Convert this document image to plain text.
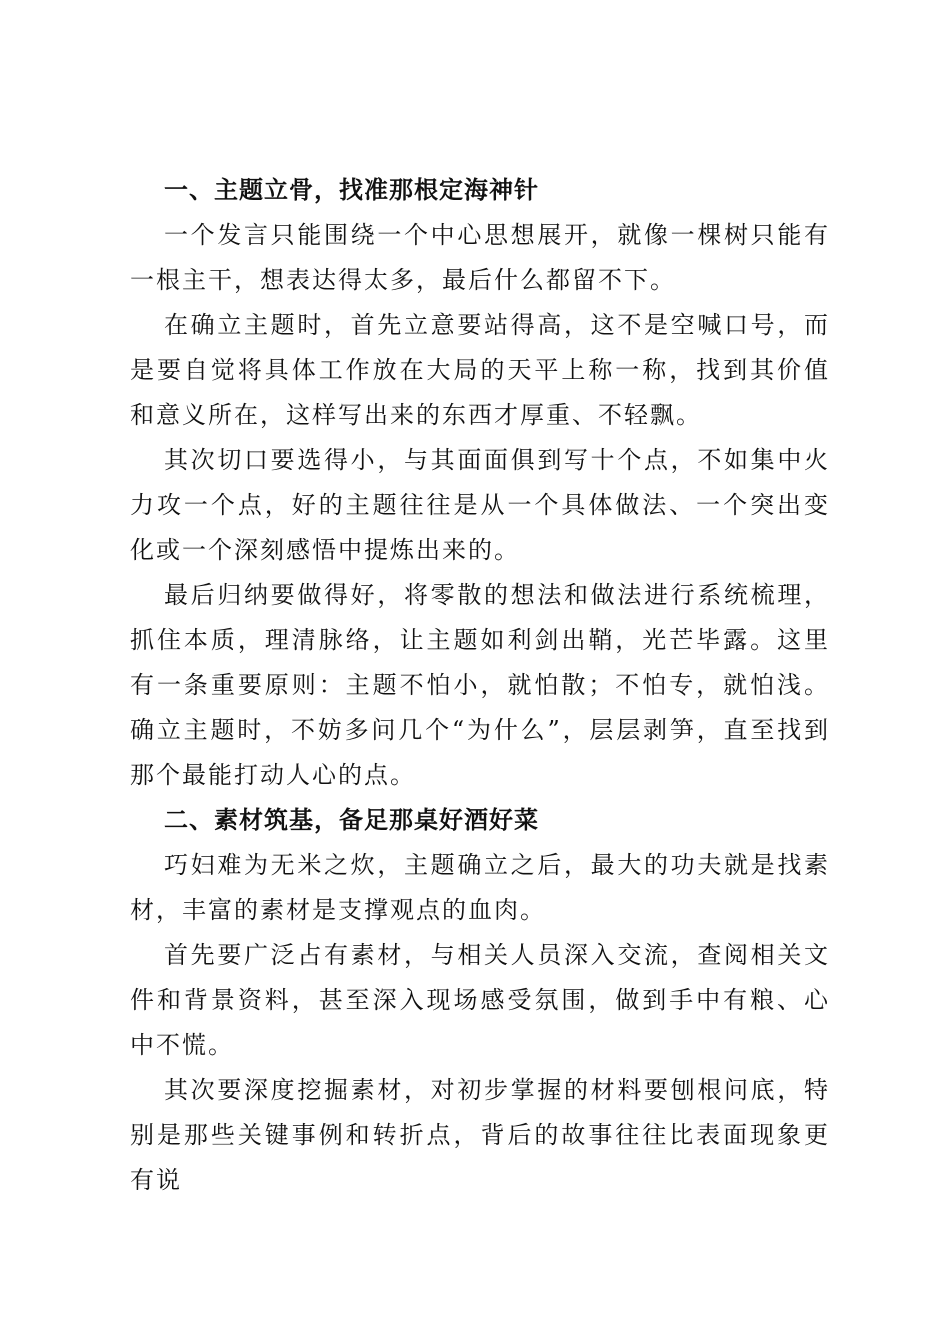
一、主题立骨，找准那根定海神针

一个发言只能围绕一个中心思想展开，就像一棵树只能有一根主干，想表达得太多，最后什么都留不下。

在确立主题时，首先立意要站得高，这不是空喊口号，而是要自觉将具体工作放在大局的天平上称一称，找到其价值和意义所在，这样写出来的东西才厚重、不轻飘。

其次切口要选得小，与其面面俱到写十个点，不如集中火力攻一个点，好的主题往往是从一个具体做法、一个突出变化或一个深刻感悟中提炼出来的。

最后归纳要做得好，将零散的想法和做法进行系统梳理，抓住本质，理清脉络，让主题如利剑出鞘，光芒毕露。这里有一条重要原则：主题不怕小，就怕散；不怕专，就怕浅。确立主题时，不妨多问几个“为什么”，层层剥笋，直至找到那个最能打动人心的点。

二、素材筑基，备足那桌好酒好菜

巧妇难为无米之炊，主题确立之后，最大的功夫就是找素材，丰富的素材是支撑观点的血肉。

首先要广泛占有素材，与相关人员深入交流，查阅相关文件和背景资料，甚至深入现场感受氛围，做到手中有粮、心中不慌。

其次要深度挖掘素材，对初步掌握的材料要刨根问底，特别是那些关键事例和转折点，背后的故事往往比表面现象更有说
